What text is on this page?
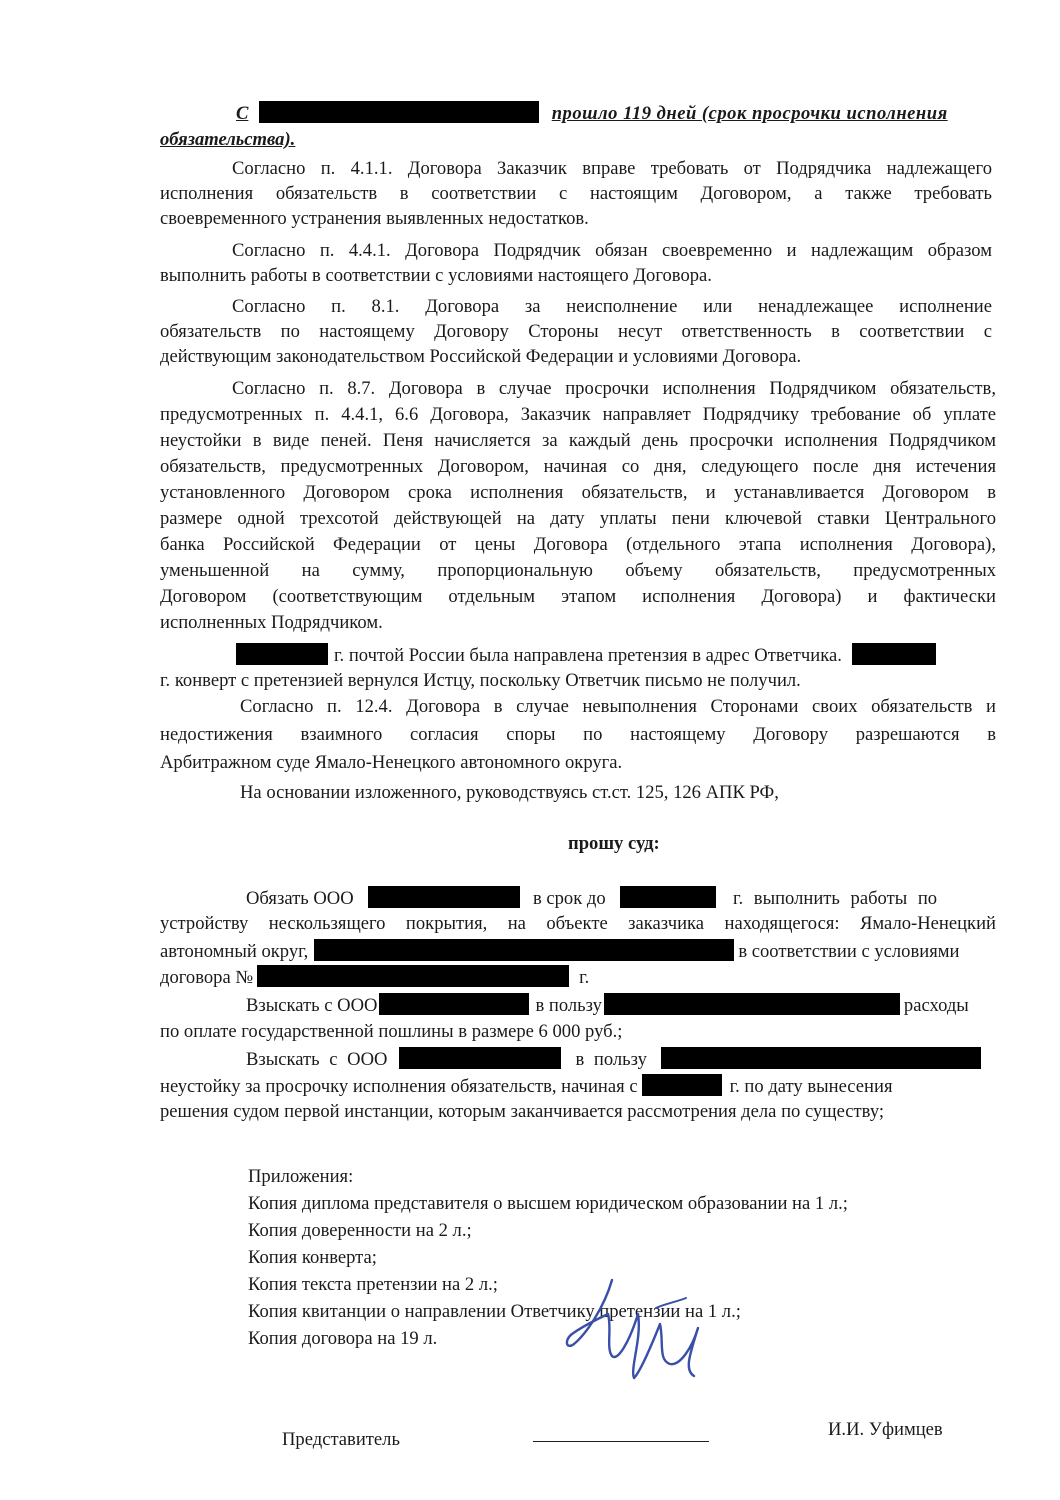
С	прошло 119 дней (срок просрочки исполнения
обязательства).
Согласно п. 4.1.1. Договора Заказчик вправе требовать от Подрядчика надлежащего
исполнения обязательств в соответствии с настоящим Договором, а также требовать
своевременного устранения выявленных недостатков.
Согласно п. 4.4.1. Договора Подрядчик обязан своевременно и надлежащим образом
выполнить работы в соответствии с условиями настоящего Договора.
Согласно п. 8.1. Договора за неисполнение или ненадлежащее исполнение
обязательств по настоящему Договору Стороны несут ответственность в соответствии с
действующим законодательством Российской Федерации и условиями Договора.
Согласно п. 8.7. Договора в случае просрочки исполнения Подрядчиком обязательств,
предусмотренных п. 4.4.1, 6.6 Договора, Заказчик направляет Подрядчику требование об уплате
неустойки в виде пеней. Пеня начисляется за каждый день просрочки исполнения Подрядчиком
обязательств, предусмотренных Договором, начиная со дня, следующего после дня истечения
установленного Договором срока исполнения обязательств, и устанавливается Договором в
размере одной трехсотой действующей на дату уплаты пени ключевой ставки Центрального
банка Российской Федерации от цены Договора (отдельного этапа исполнения Договора),
уменьшенной на сумму, пропорциональную объему обязательств, предусмотренных
Договором (соответствующим отдельным этапом исполнения Договора) и фактически
исполненных Подрядчиком.
г. почтой России была направлена претензия в адрес Ответчика.
г. конверт с претензией вернулся Истцу, поскольку Ответчик письмо не получил.
Согласно п. 12.4. Договора в случае невыполнения Сторонами своих обязательств и
недостижения взаимного согласия споры по настоящему Договору разрешаются в
Арбитражном суде Ямало-Ненецкого автономного округа.
На основании изложенного, руководствуясь ст.ст. 125, 126 АПК РФ,
прошу суд:
Обязать ООО	в срок до	г. выполнить работы по
устройству нескользящего покрытия, на объекте заказчика находящегося: Ямало-Ненецкий
автономный округ,	в соответствии с условиями
договора №	г.
Взыскать с ООО	в пользу	расходы
по оплате государственной пошлины в размере 6 000 руб.;
Взыскать с ООО	в пользу
неустойку за просрочку исполнения обязательств, начиная с	г. по дату вынесения
решения судом первой инстанции, которым заканчивается рассмотрения дела по существу;
Приложения:
Копия диплома представителя о высшем юридическом образовании на 1 л.;
Копия доверенности на 2 л.;
Копия конверта;
Копия текста претензии на 2 л.;
Копия квитанции о направлении Ответчику претензии на 1 л.;
Копия договора на 19 л.
Представитель	И.И. Уфимцев
